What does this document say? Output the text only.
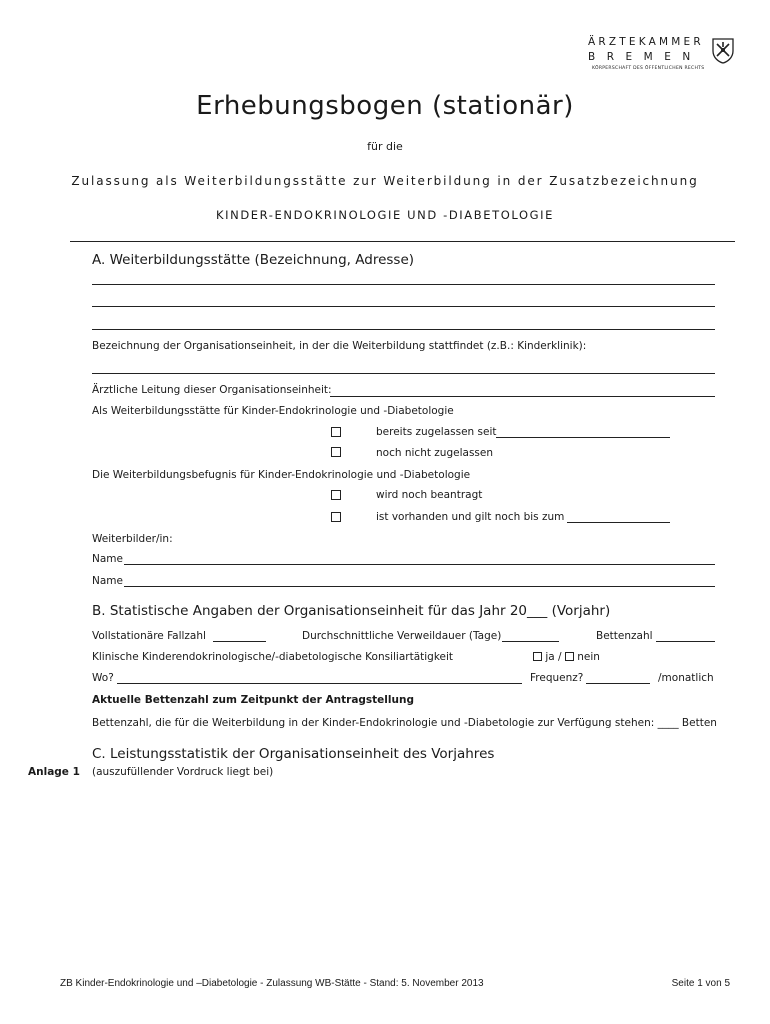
ÄRZTEKAMMER
BREMEN
KÖRPERSCHAFT DES ÖFFENTLICHEN RECHTS
Erhebungsbogen (stationär)
für die
Zulassung als Weiterbildungsstätte zur Weiterbildung in der Zusatzbezeichnung
KINDER-ENDOKRINOLOGIE UND -DIABETOLOGIE
A. Weiterbildungsstätte (Bezeichnung, Adresse)
Bezeichnung der Organisationseinheit, in der die Weiterbildung stattfindet (z.B.: Kinderklinik):
Ärztliche Leitung dieser Organisationseinheit:
Als Weiterbildungsstätte für Kinder-Endokrinologie und -Diabetologie
bereits zugelassen seit
noch nicht zugelassen
Die Weiterbildungsbefugnis für Kinder-Endokrinologie und -Diabetologie
wird noch beantragt
ist vorhanden und gilt noch bis zum
Weiterbilder/in:
Name
Name
B. Statistische Angaben der Organisationseinheit für das Jahr 20___ (Vorjahr)
Vollstationäre Fallzahl	Durchschnittliche Verweildauer (Tage)	Bettenzahl
Klinische Kinderendokrinologische/-diabetologische Konsiliartätigkeit	ja / nein
Wo?	Frequenz?	/monatlich
Aktuelle Bettenzahl zum Zeitpunkt der Antragstellung
Bettenzahl, die für die Weiterbildung in der Kinder-Endokrinologie und -Diabetologie zur Verfügung stehen: ____ Betten
C. Leistungsstatistik der Organisationseinheit des Vorjahres
Anlage 1 (auszufüllender Vordruck liegt bei)
ZB Kinder-Endokrinologie und –Diabetologie - Zulassung WB-Stätte - Stand: 5. November 2013	Seite 1 von 5
